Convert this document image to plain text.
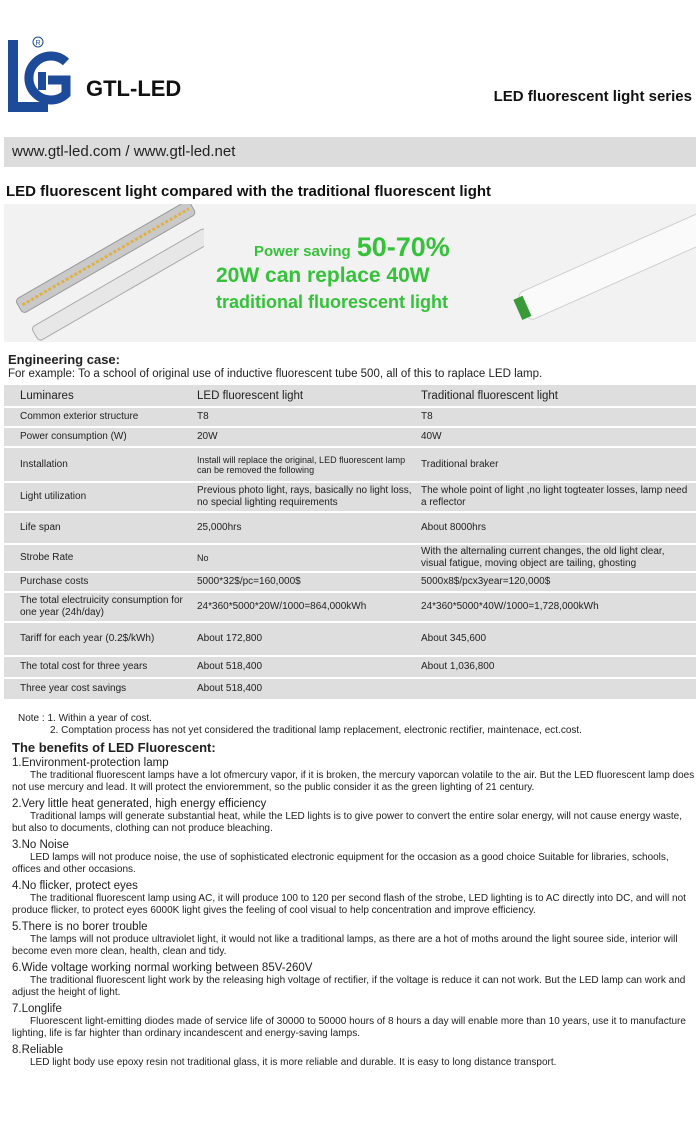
R
GTL-LED	LED fluorescent light series
www.gtl-led.com / www.gtl-led.net
LED fluorescent light compared with the traditional fluorescent light
Power saving 50-70%
20W can replace 40W
traditional fluorescent light
Engineering case:
For example: To a school of original use of inductive fluorescent tube 500, all of this to raplace LED lamp.
Luminares	LED fluorescent light	Traditional fluorescent light
Common exterior structure	T8	T8
Power consumption (W)	20W	40W
Installation	Install will replace the original, LED fluorescent lamp can be removed the following	Traditional braker
Light utilization	Previous photo light, rays, basically no light loss, no special lighting requirements	The whole point of light ,no light togteater losses, lamp need a reflector
Life span	25,000hrs	About 8000hrs
Strobe Rate	No	With the alternaling current changes, the old light clear, visual fatigue, moving object are tailing, ghosting
Purchase costs	5000*32$/pc=160,000$	5000x8$/pcx3year=120,000$
The total electruicity consumption for one year (24h/day)	24*360*5000*20W/1000=864,000kWh	24*360*5000*40W/1000=1,728,000kWh
Tariff for each year (0.2$/kWh)	About 172,800	About 345,600
The total cost for three years	About 518,400	About 1,036,800
Three year cost savings	About 518,400	
Note : 1. Within a year of cost.
2. Comptation process has not yet considered the traditional lamp replacement, electronic rectifier, maintenace, ect.cost.
The benefits of LED Fluorescent:
1.Environment-protection lamp
The traditional fluorescent lamps have a lot ofmercury vapor, if it is broken, the mercury vaporcan volatile to the air. But the LED fluorescent lamp does not use mercury and lead. It will protect the envioremment, so the public consider it as the green lighting of 21 century.
2.Very little heat generated, high energy efficiency
Traditional lamps will generate substantial heat, while the LED lights is to give power to convert the entire solar energy, will not cause energy waste, but also to documents, clothing can not produce bleaching.
3.No Noise
LED lamps will not produce noise, the use of sophisticated electronic equipment for the occasion as a good choice Suitable for libraries, schools, offices and other occasions.
4.No flicker, protect eyes
The traditional fluorescent lamp using AC, it will produce 100 to 120 per second flash of the strobe, LED lighting is to AC directly into DC, and will not produce flicker, to protect eyes 6000K light gives the feeling of cool visual to help concentration and improve efficiency.
5.There is no borer trouble
The lamps will not produce ultraviolet light, it would not like a traditional lamps, as there are a hot of moths around the light souree side, interior will become even more clean, health, clean and tidy.
6.Wide voltage working normal working between 85V-260V
The traditional fluorescent light work by the releasing high voltage of rectifier, if the voltage is reduce it can not work. But the LED lamp can work and adjust the height of light.
7.Longlife
Fluorescent light-emitting diodes made of service life of 30000 to 50000 hours of 8 hours a day will enable more than 10 years, use it to manufacture lighting, life is far highter than ordinary incandescent and energy-saving lamps.
8.Reliable
LED light body use epoxy resin not traditional glass, it is more reliable and durable. It is easy to long distance transport.
